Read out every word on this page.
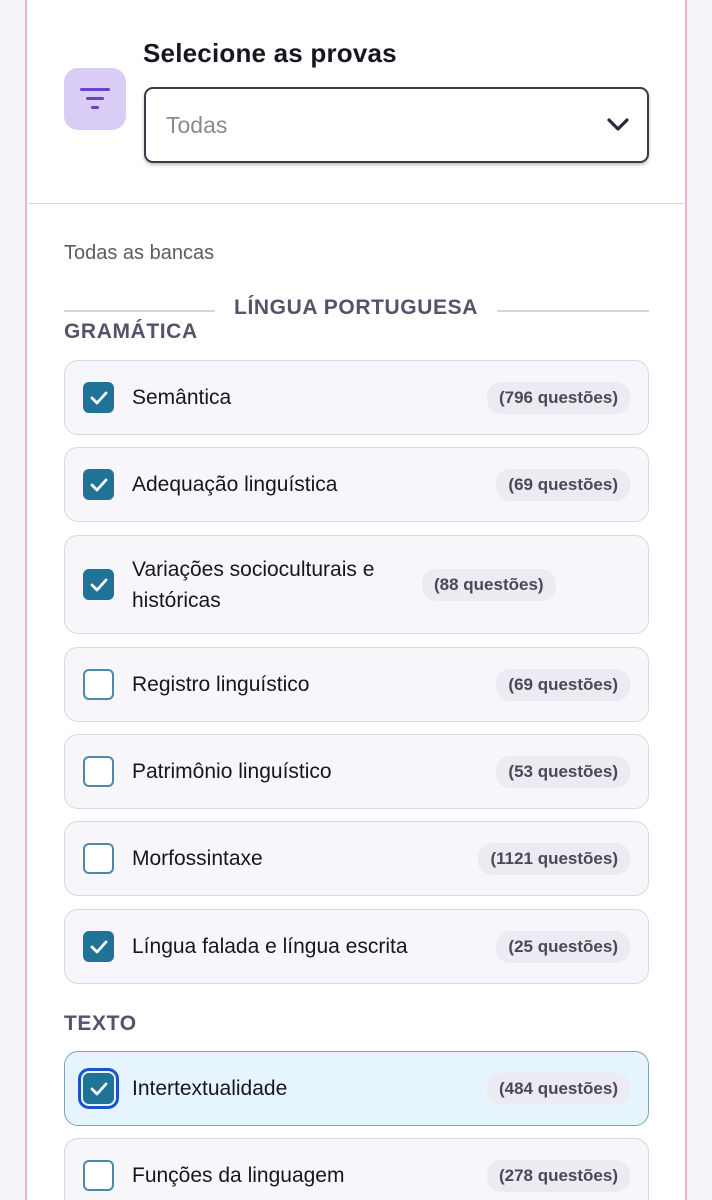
Selecione as provas
Todas
Todas as bancas
LÍNGUA PORTUGUESA
GRAMÁTICA
Semântica	(796 questões)
Adequação linguística	(69 questões)
Variações socioculturais e históricas
(88 questões)
Registro linguístico	(69 questões)
Patrimônio linguístico	(53 questões)
Morfossintaxe	(1121 questões)
Língua falada e língua escrita	(25 questões)
TEXTO
Intertextualidade	(484 questões)
Funções da linguagem	(278 questões)
